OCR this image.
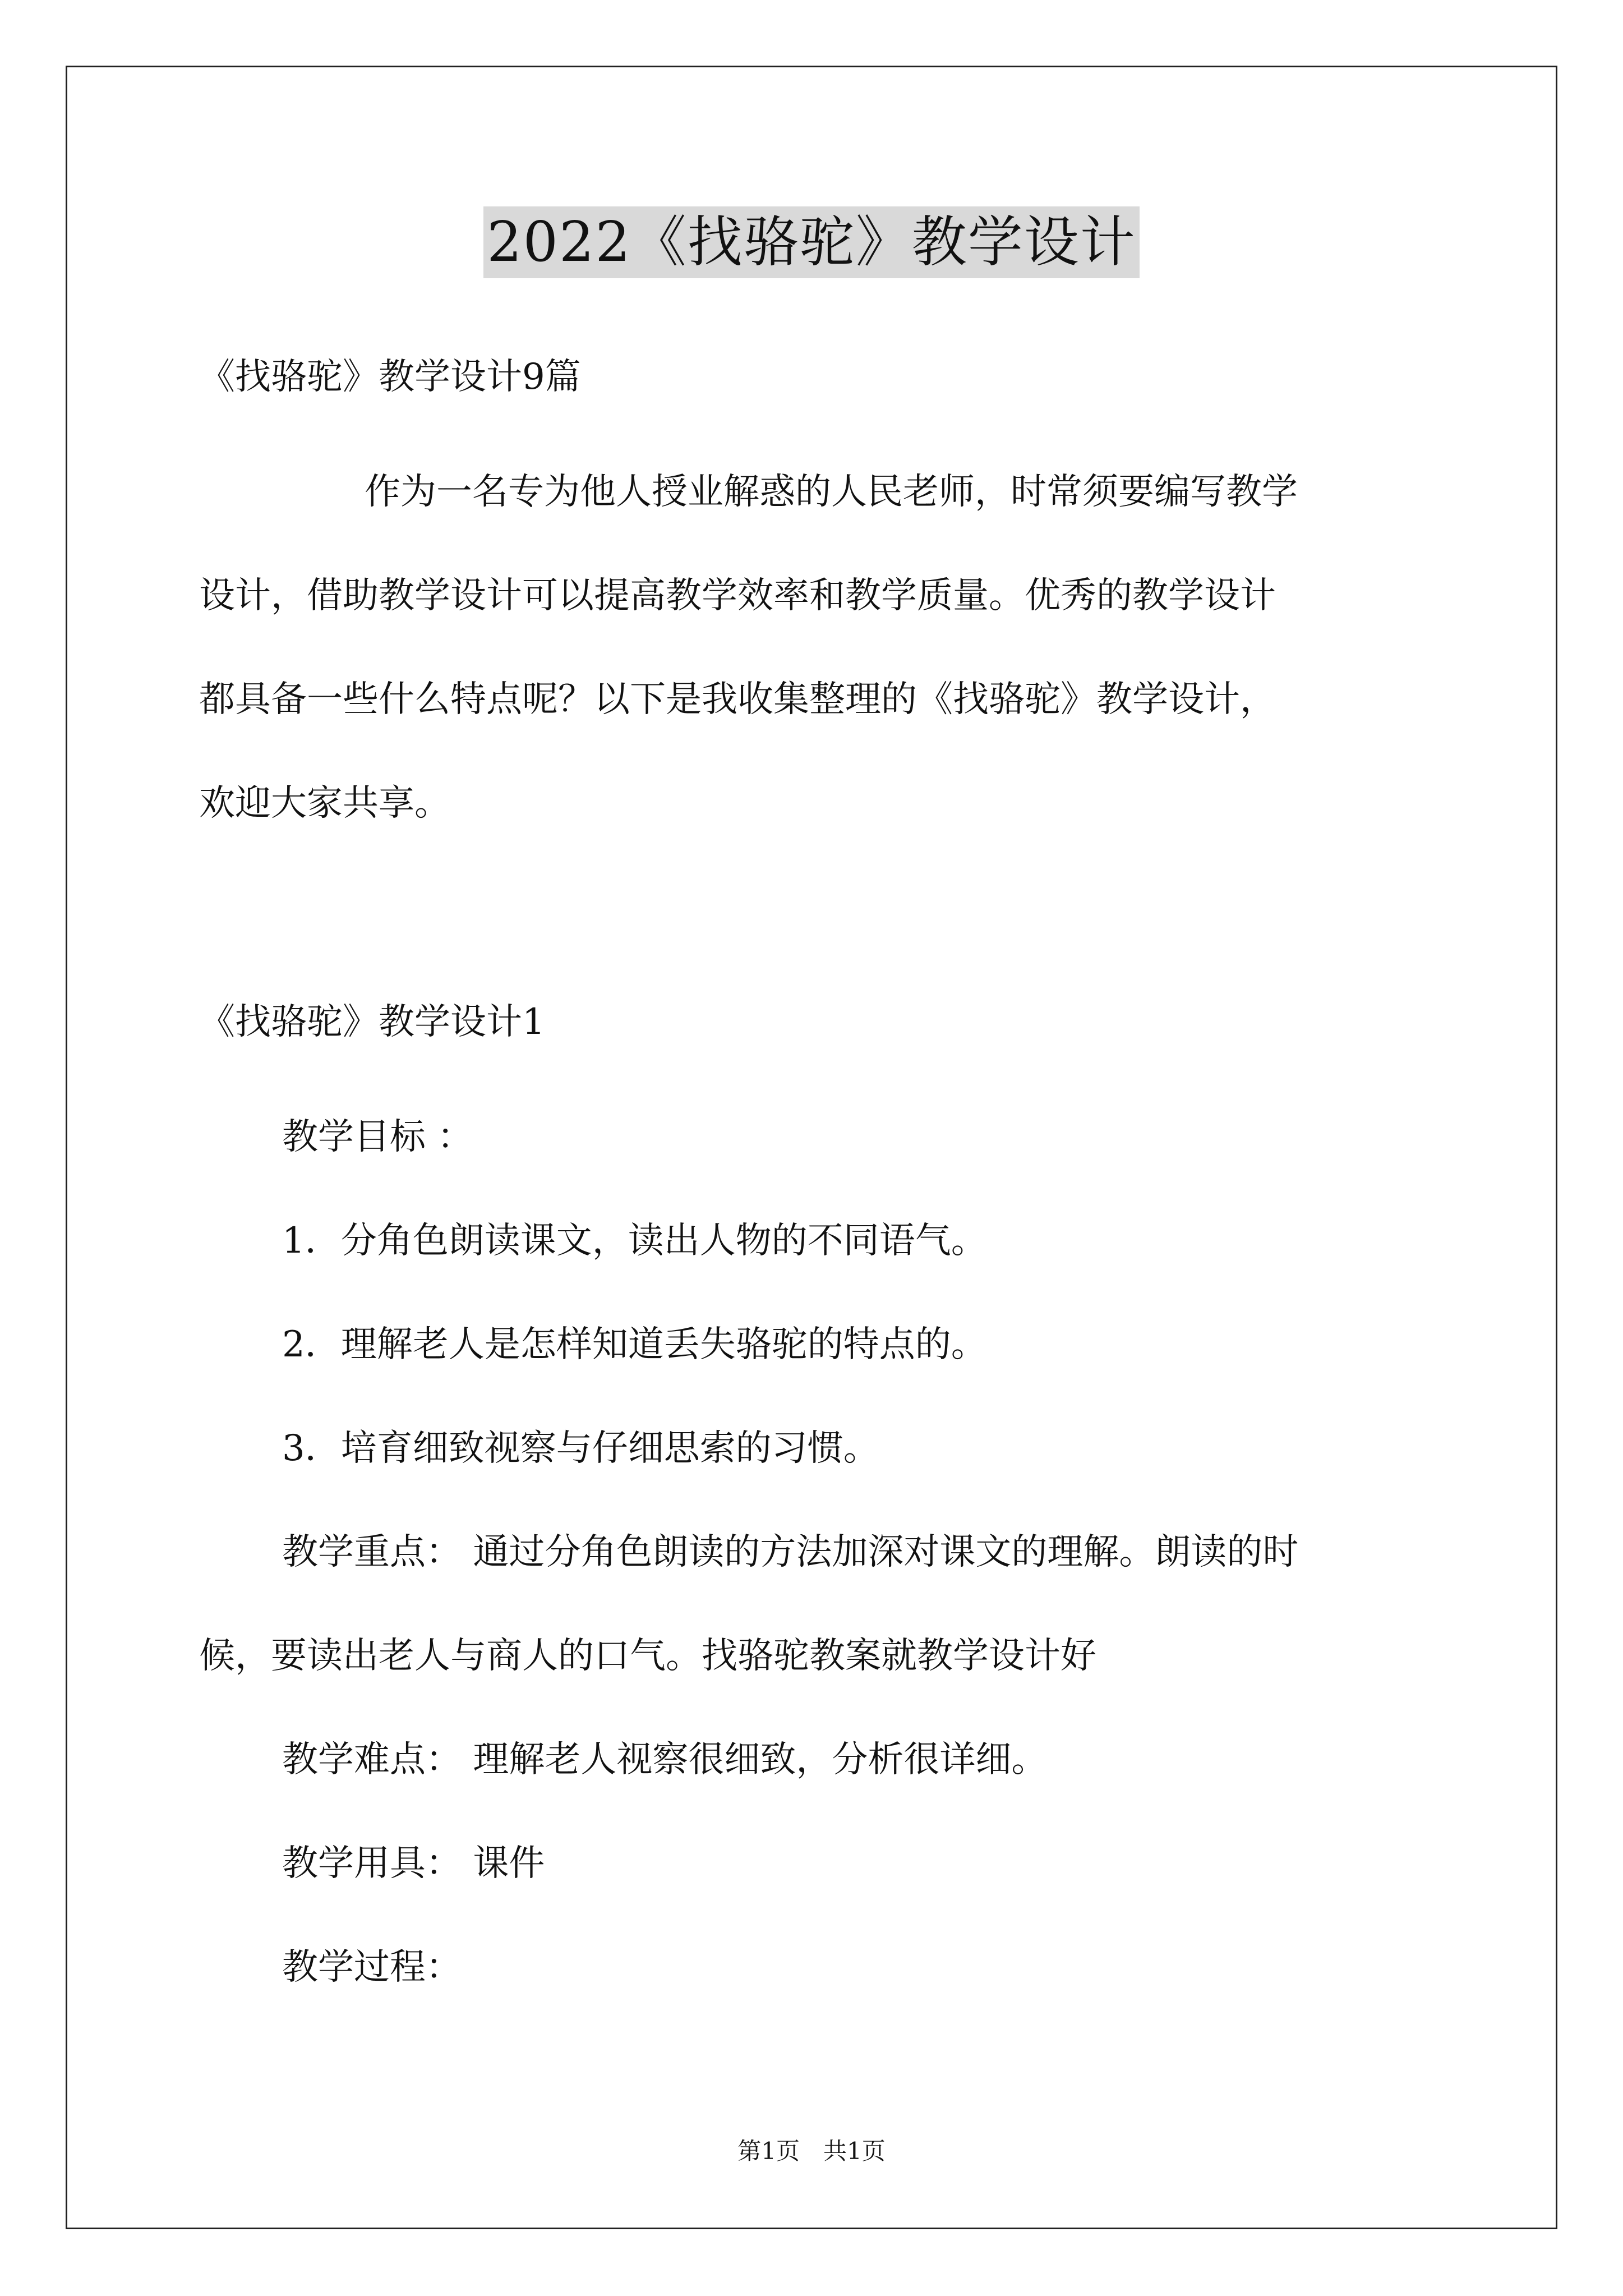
2022《找骆驼》教学设计
《找骆驼》教学设计9篇
作为一名专为他人授业解惑的人民老师，时常须要编写教学
设计，借助教学设计可以提高教学效率和教学质量。优秀的教学设计
都具备一些什么特点呢？以下是我收集整理的《找骆驼》教学设计，
欢迎大家共享。
《找骆驼》教学设计1
教学目标 ：
1．分角色朗读课文，读出人物的不同语气。
2．理解老人是怎样知道丢失骆驼的特点的。
3．培育细致视察与仔细思索的习惯。
教学重点： 通过分角色朗读的方法加深对课文的理解。朗读的时
候，要读出老人与商人的口气。找骆驼教案就教学设计好
教学难点： 理解老人视察很细致，分析很详细。
教学用具： 课件
教学过程：
第1页　共1页
